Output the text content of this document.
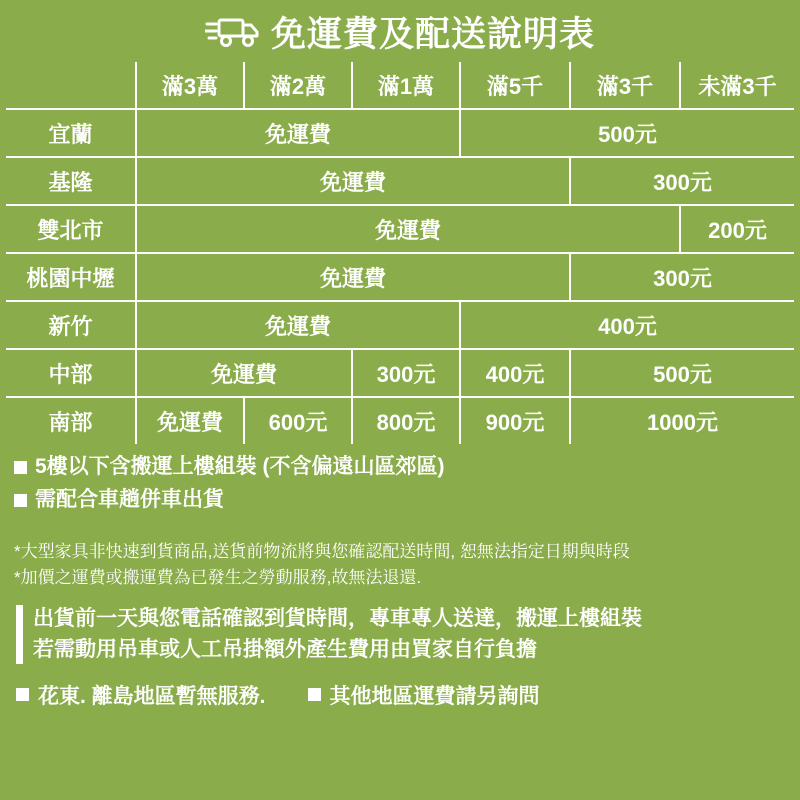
免運費及配送說明表
	滿3萬	滿2萬	滿1萬	滿5千	滿3千	未滿3千
宜蘭	免運費			500元		
基隆	免運費				300元	
雙北市	免運費					200元
桃園中壢	免運費				300元	
新竹	免運費			400元		
中部	免運費		300元	400元	500元	
南部	免運費	600元	800元	900元	1000元	
5樓以下含搬運上樓組裝 (不含偏遠山區郊區)
需配合車趟併車出貨
*大型家具非快速到貨商品,送貨前物流將與您確認配送時間, 恕無法指定日期與時段
*加價之運費或搬運費為已發生之勞動服務,故無法退還.
出貨前一天與您電話確認到貨時間，專車專人送達，搬運上樓組裝
若需動用吊車或人工吊掛額外產生費用由買家自行負擔
花東. 離島地區暫無服務.	其他地區運費請另詢問
